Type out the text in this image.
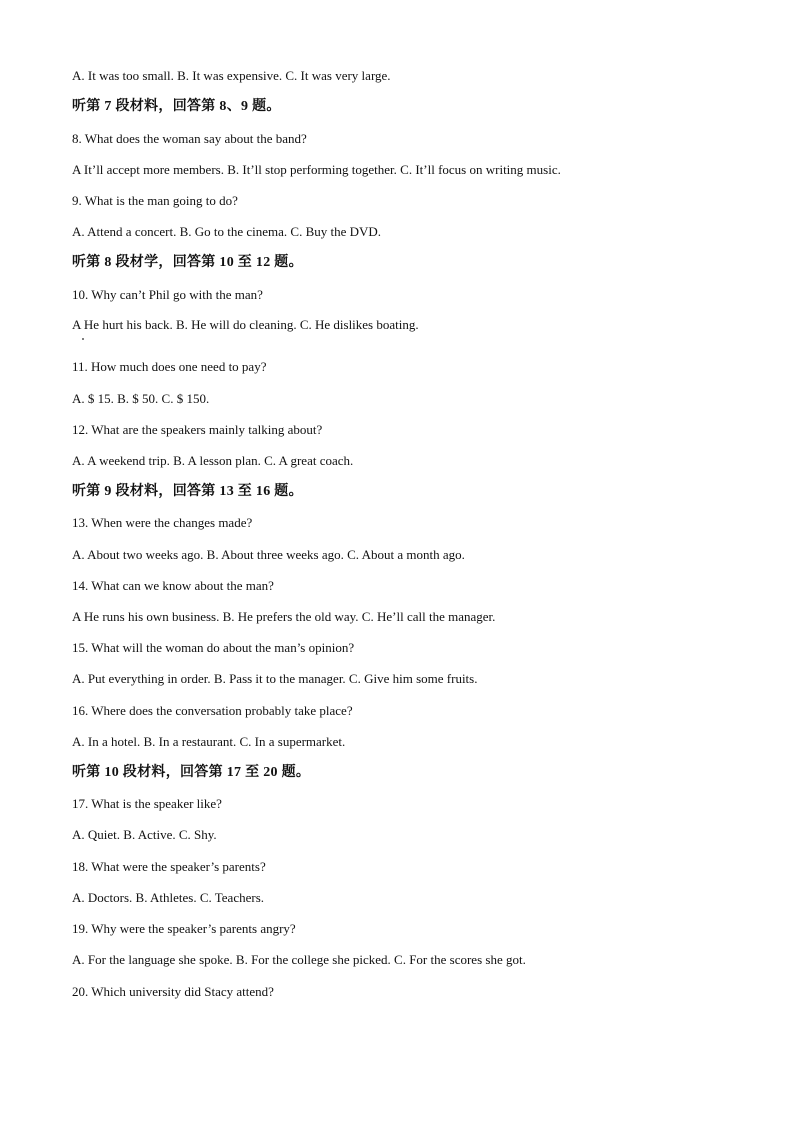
A. It was too small. B. It was expensive. C. It was very large.
听第 7 段材料，回答第 8、9 题。
8. What does the woman say about the band?
A It’ll accept more members. B. It’ll stop performing together. C. It’ll focus on writing music.
9. What is the man going to do?
A. Attend a concert. B. Go to the cinema. C. Buy the DVD.
听第 8 段材学，回答第 10 至 12 题。
10. Why can’t Phil go with the man?
A He hurt his back. B. He will do cleaning. C. He dislikes boating.
11. How much does one need to pay?
A. $ 15. B. $ 50. C. $ 150.
12. What are the speakers mainly talking about?
A. A weekend trip. B. A lesson plan. C. A great coach.
听第 9 段材料，回答第 13 至 16 题。
13. When were the changes made?
A. About two weeks ago. B. About three weeks ago. C. About a month ago.
14. What can we know about the man?
A He runs his own business. B. He prefers the old way. C. He’ll call the manager.
15. What will the woman do about the man’s opinion?
A. Put everything in order. B. Pass it to the manager. C. Give him some fruits.
16. Where does the conversation probably take place?
A. In a hotel. B. In a restaurant. C. In a supermarket.
听第 10 段材料，回答第 17 至 20 题。
17. What is the speaker like?
A. Quiet. B. Active. C. Shy.
18. What were the speaker’s parents?
A. Doctors. B. Athletes. C. Teachers.
19. Why were the speaker’s parents angry?
A. For the language she spoke. B. For the college she picked. C. For the scores she got.
20. Which university did Stacy attend?
